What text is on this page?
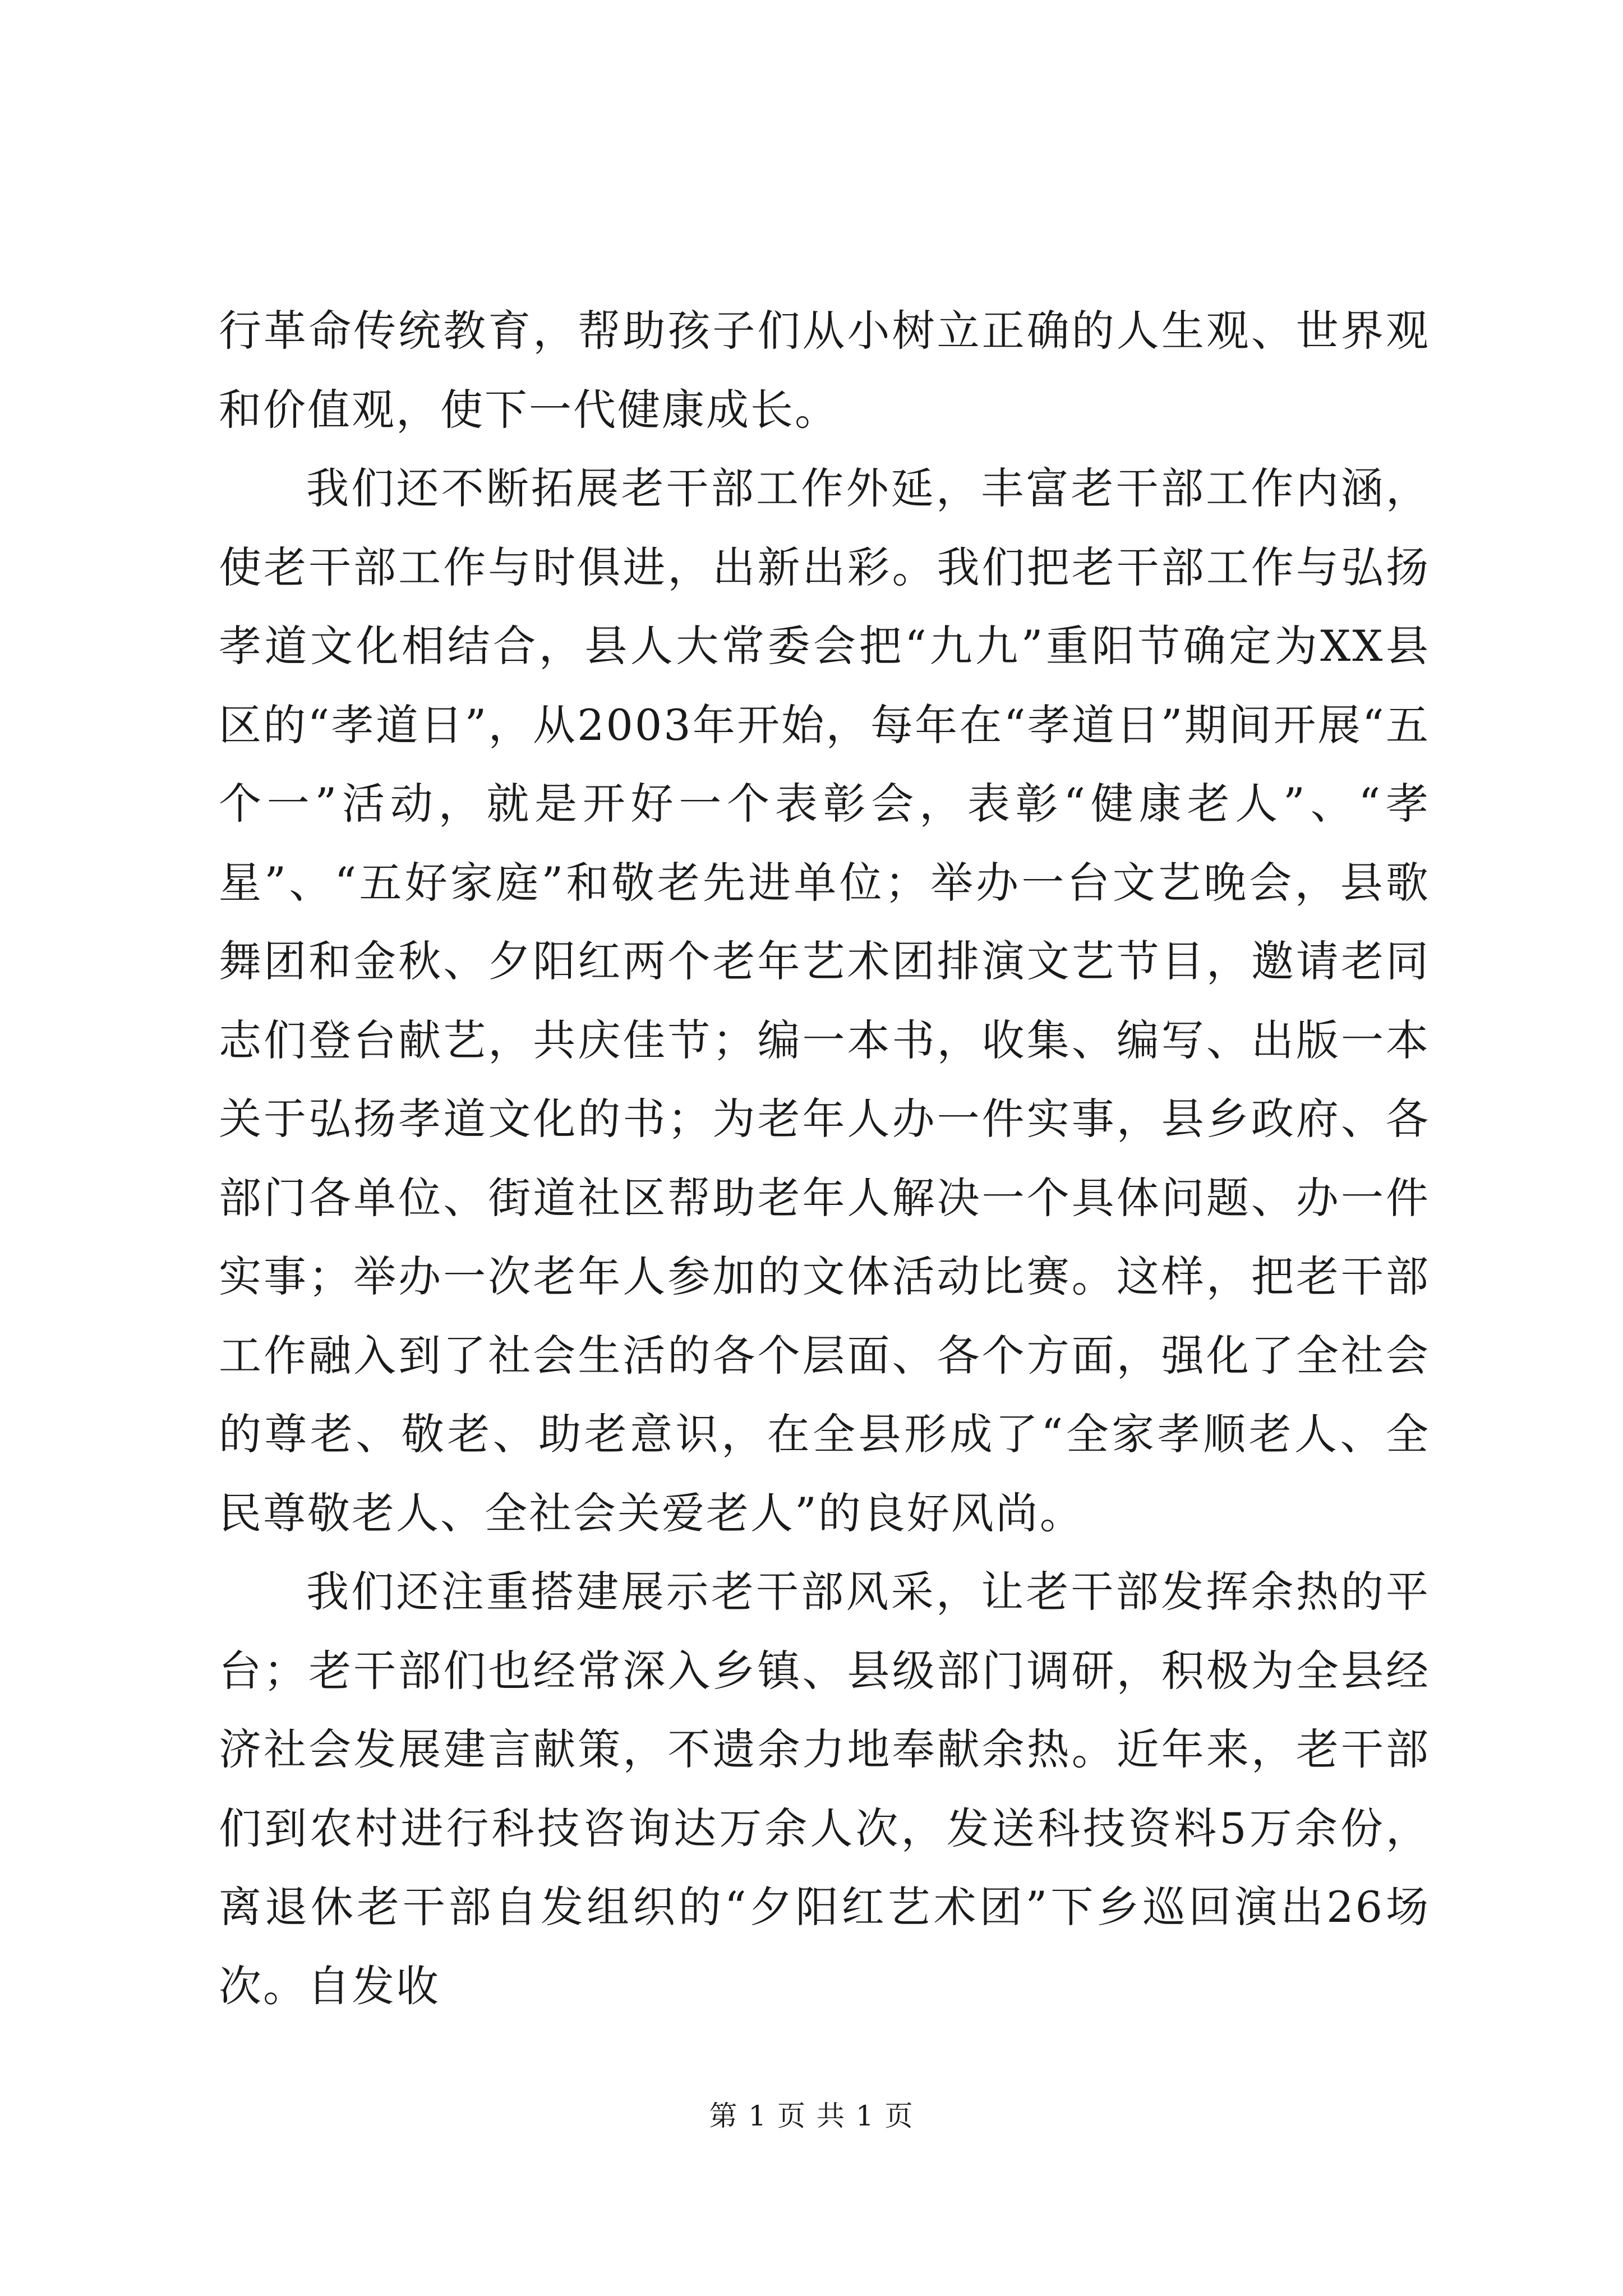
行革命传统教育，帮助孩子们从小树立正确的人生观、世界观和价值观，使下一代健康成长。

我们还不断拓展老干部工作外延，丰富老干部工作内涵，使老干部工作与时俱进，出新出彩。我们把老干部工作与弘扬孝道文化相结合，县人大常委会把“九九”重阳节确定为XX县区的“孝道日”，从2003年开始，每年在“孝道日”期间开展“五个一”活动，就是开好一个表彰会，表彰“健康老人”、“孝星”、“五好家庭”和敬老先进单位；举办一台文艺晚会，县歌舞团和金秋、夕阳红两个老年艺术团排演文艺节目，邀请老同志们登台献艺，共庆佳节；编一本书，收集、编写、出版一本关于弘扬孝道文化的书；为老年人办一件实事，县乡政府、各部门各单位、街道社区帮助老年人解决一个具体问题、办一件实事；举办一次老年人参加的文体活动比赛。这样，把老干部工作融入到了社会生活的各个层面、各个方面，强化了全社会的尊老、敬老、助老意识，在全县形成了“全家孝顺老人、全民尊敬老人、全社会关爱老人”的良好风尚。

我们还注重搭建展示老干部风采，让老干部发挥余热的平台；老干部们也经常深入乡镇、县级部门调研，积极为全县经济社会发展建言献策，不遗余力地奉献余热。近年来，老干部们到农村进行科技咨询达万余人次，发送科技资料5万余份，离退休老干部自发组织的“夕阳红艺术团”下乡巡回演出26场次。自发收

第 1 页 共 1 页
